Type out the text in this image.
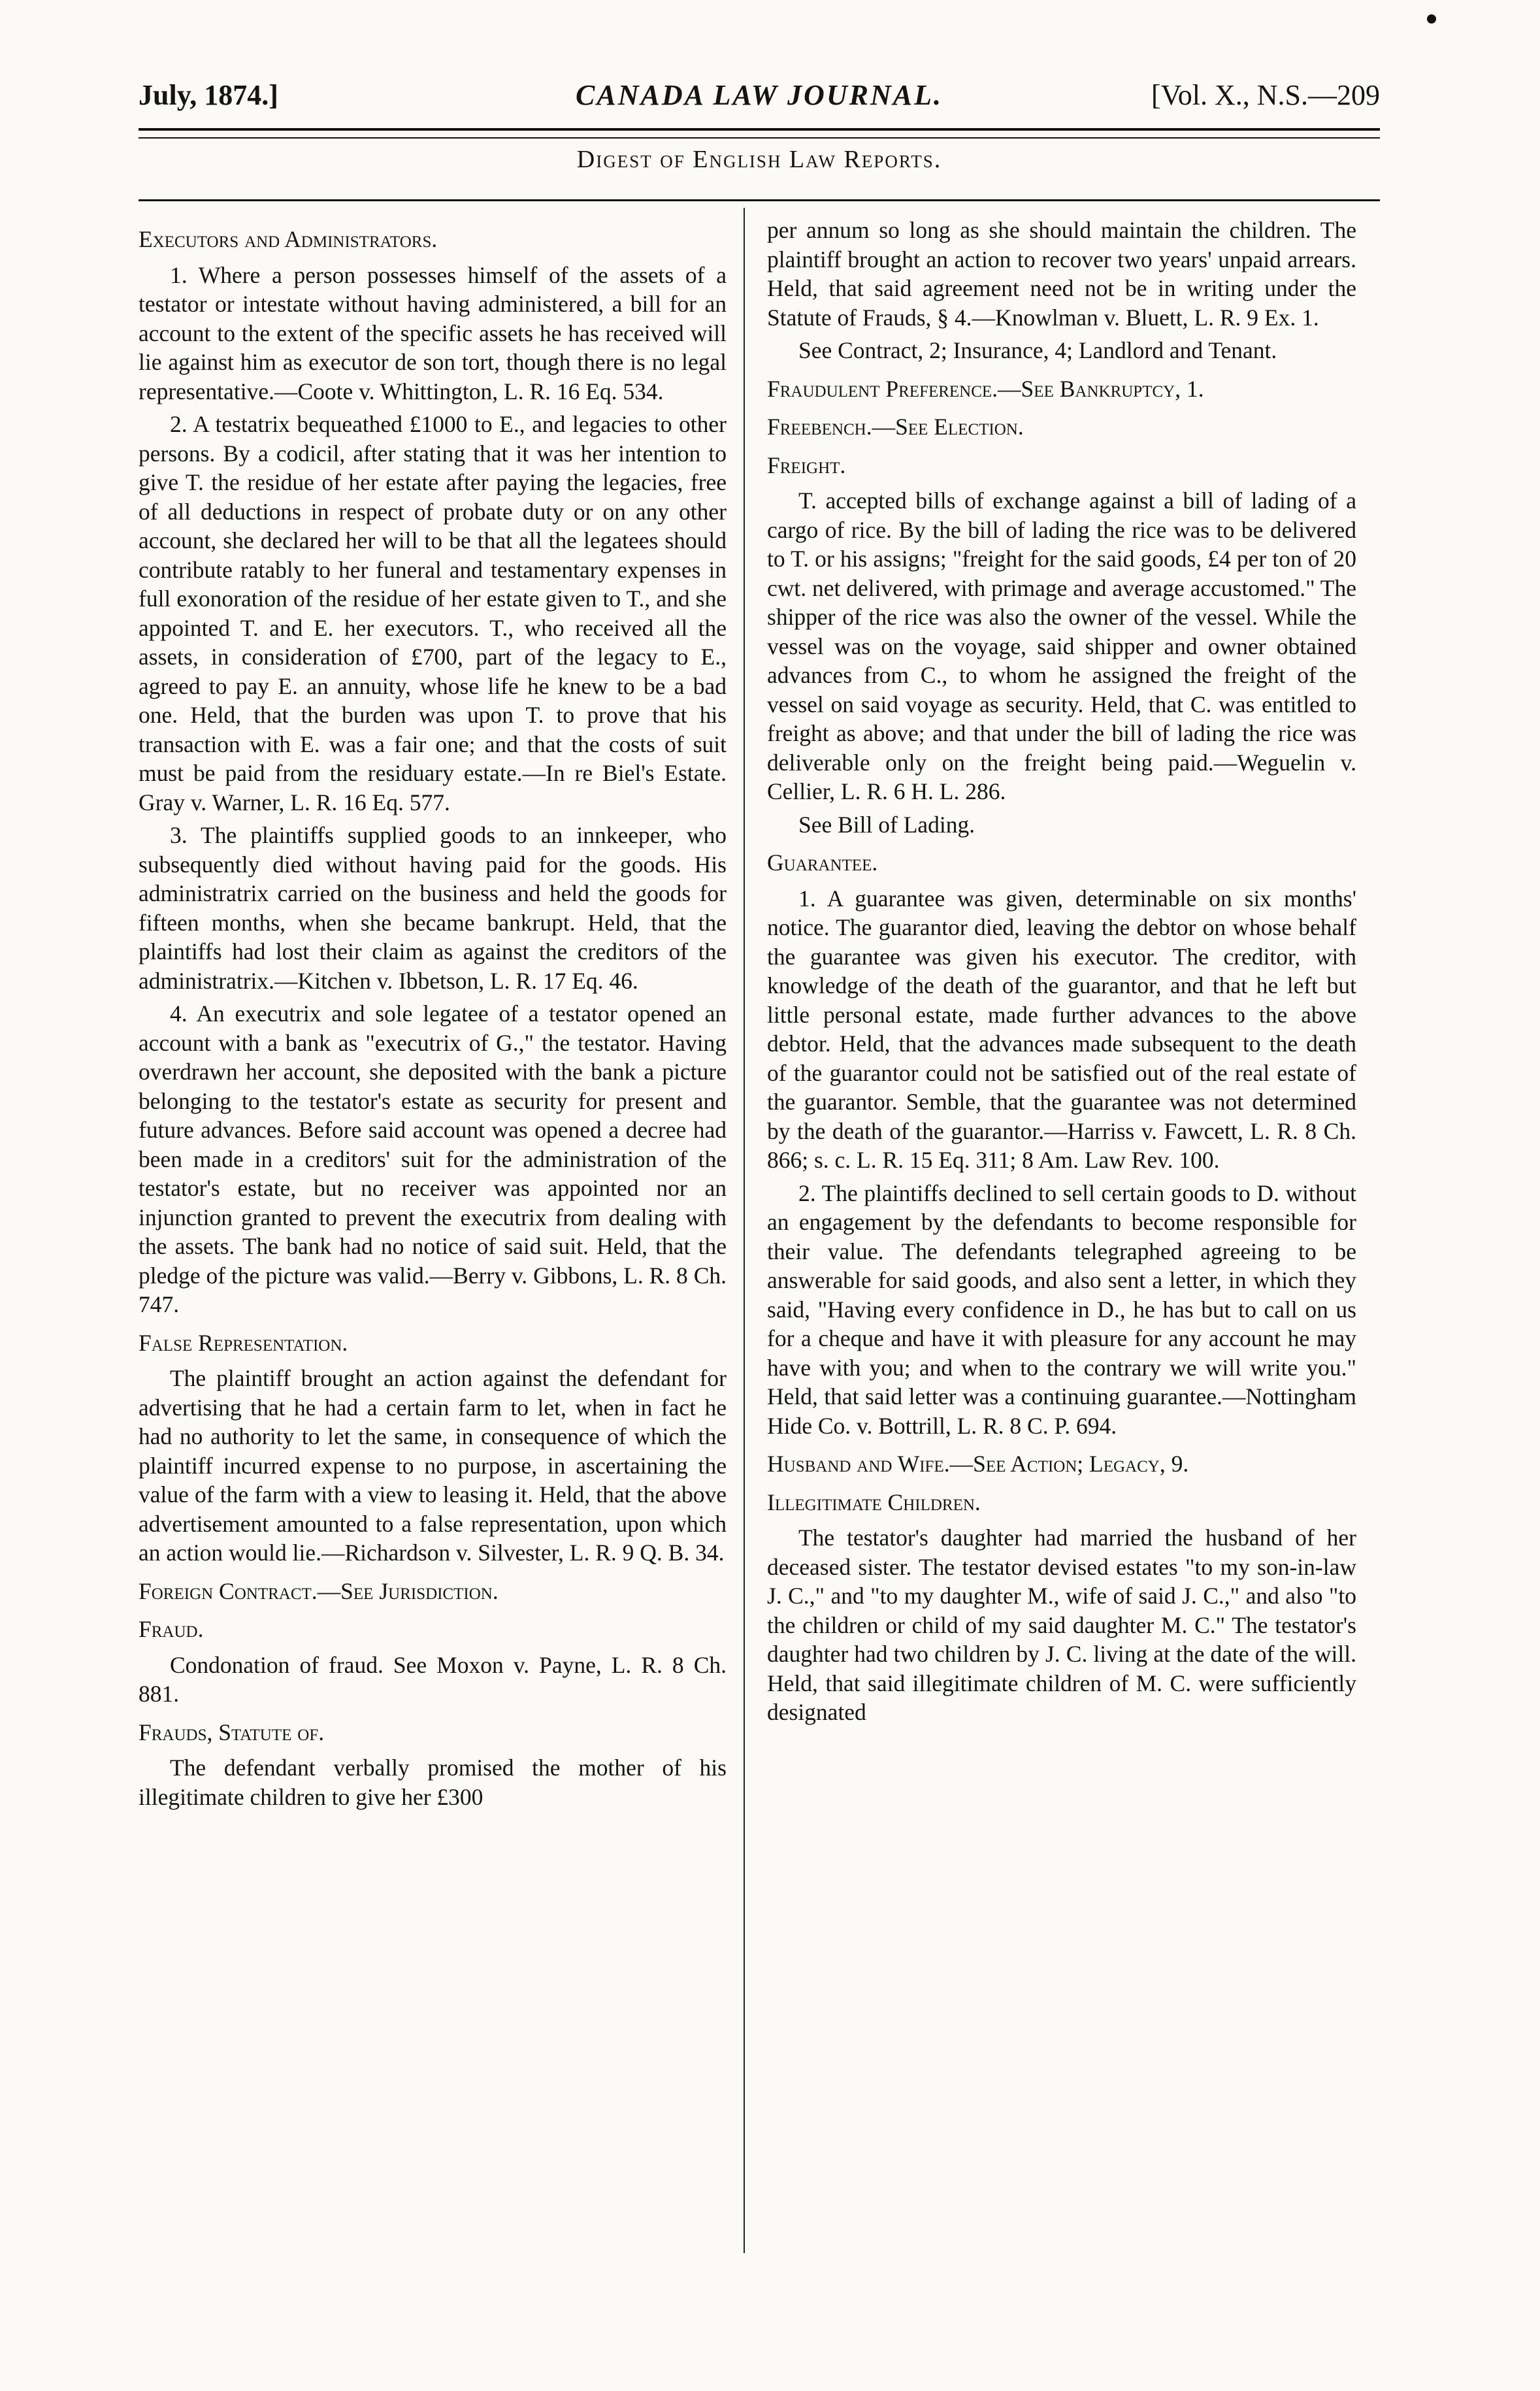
July, 1874.]	CANADA LAW JOURNAL.	[Vol. X., N.S.—209
Digest of English Law Reports.

Executors and Administrators.

1. Where a person possesses himself of the assets of a testator or intestate without having administered, a bill for an account to the extent of the specific assets he has received will lie against him as executor de son tort, though there is no legal representative.—Coote v. Whittington, L. R. 16 Eq. 534.

2. A testatrix bequeathed £1000 to E., and legacies to other persons. By a codicil, after stating that it was her intention to give T. the residue of her estate after paying the legacies, free of all deductions in respect of probate duty or on any other account, she declared her will to be that all the legatees should contribute ratably to her funeral and testamentary expenses in full exonoration of the residue of her estate given to T., and she appointed T. and E. her executors. T., who received all the assets, in consideration of £700, part of the legacy to E., agreed to pay E. an annuity, whose life he knew to be a bad one. Held, that the burden was upon T. to prove that his transaction with E. was a fair one; and that the costs of suit must be paid from the residuary estate.—In re Biel's Estate. Gray v. Warner, L. R. 16 Eq. 577.

3. The plaintiffs supplied goods to an innkeeper, who subsequently died without having paid for the goods. His administratrix carried on the business and held the goods for fifteen months, when she became bankrupt. Held, that the plaintiffs had lost their claim as against the creditors of the administratrix.—Kitchen v. Ibbetson, L. R. 17 Eq. 46.

4. An executrix and sole legatee of a testator opened an account with a bank as "executrix of G.," the testator. Having overdrawn her account, she deposited with the bank a picture belonging to the testator's estate as security for present and future advances. Before said account was opened a decree had been made in a creditors' suit for the administration of the testator's estate, but no receiver was appointed nor an injunction granted to prevent the executrix from dealing with the assets. The bank had no notice of said suit. Held, that the pledge of the picture was valid.—Berry v. Gibbons, L. R. 8 Ch. 747.

False Representation.

The plaintiff brought an action against the defendant for advertising that he had a certain farm to let, when in fact he had no authority to let the same, in consequence of which the plaintiff incurred expense to no purpose, in ascertaining the value of the farm with a view to leasing it. Held, that the above advertisement amounted to a false representation, upon which an action would lie.—Richardson v. Silvester, L. R. 9 Q. B. 34.

Foreign Contract.—See Jurisdiction.

Fraud.

Condonation of fraud. See Moxon v. Payne, L. R. 8 Ch. 881.

Frauds, Statute of.

The defendant verbally promised the mother of his illegitimate children to give her £300

per annum so long as she should maintain the children. The plaintiff brought an action to recover two years' unpaid arrears. Held, that said agreement need not be in writing under the Statute of Frauds, § 4.—Knowlman v. Bluett, L. R. 9 Ex. 1.

See Contract, 2; Insurance, 4; Landlord and Tenant.

Fraudulent Preference.—See Bankruptcy, 1.

Freebench.—See Election.

Freight.

T. accepted bills of exchange against a bill of lading of a cargo of rice. By the bill of lading the rice was to be delivered to T. or his assigns; "freight for the said goods, £4 per ton of 20 cwt. net delivered, with primage and average accustomed." The shipper of the rice was also the owner of the vessel. While the vessel was on the voyage, said shipper and owner obtained advances from C., to whom he assigned the freight of the vessel on said voyage as security. Held, that C. was entitled to freight as above; and that under the bill of lading the rice was deliverable only on the freight being paid.—Weguelin v. Cellier, L. R. 6 H. L. 286.

See Bill of Lading.

Guarantee.

1. A guarantee was given, determinable on six months' notice. The guarantor died, leaving the debtor on whose behalf the guarantee was given his executor. The creditor, with knowledge of the death of the guarantor, and that he left but little personal estate, made further advances to the above debtor. Held, that the advances made subsequent to the death of the guarantor could not be satisfied out of the real estate of the guarantor. Semble, that the guarantee was not determined by the death of the guarantor.—Harriss v. Fawcett, L. R. 8 Ch. 866; s. c. L. R. 15 Eq. 311; 8 Am. Law Rev. 100.

2. The plaintiffs declined to sell certain goods to D. without an engagement by the defendants to become responsible for their value. The defendants telegraphed agreeing to be answerable for said goods, and also sent a letter, in which they said, "Having every confidence in D., he has but to call on us for a cheque and have it with pleasure for any account he may have with you; and when to the contrary we will write you." Held, that said letter was a continuing guarantee.—Nottingham Hide Co. v. Bottrill, L. R. 8 C. P. 694.

Husband and Wife.—See Action; Legacy, 9.

Illegitimate Children.

The testator's daughter had married the husband of her deceased sister. The testator devised estates "to my son-in-law J. C.," and "to my daughter M., wife of said J. C.," and also "to the children or child of my said daughter M. C." The testator's daughter had two children by J. C. living at the date of the will. Held, that said illegitimate children of M. C. were sufficiently designated
